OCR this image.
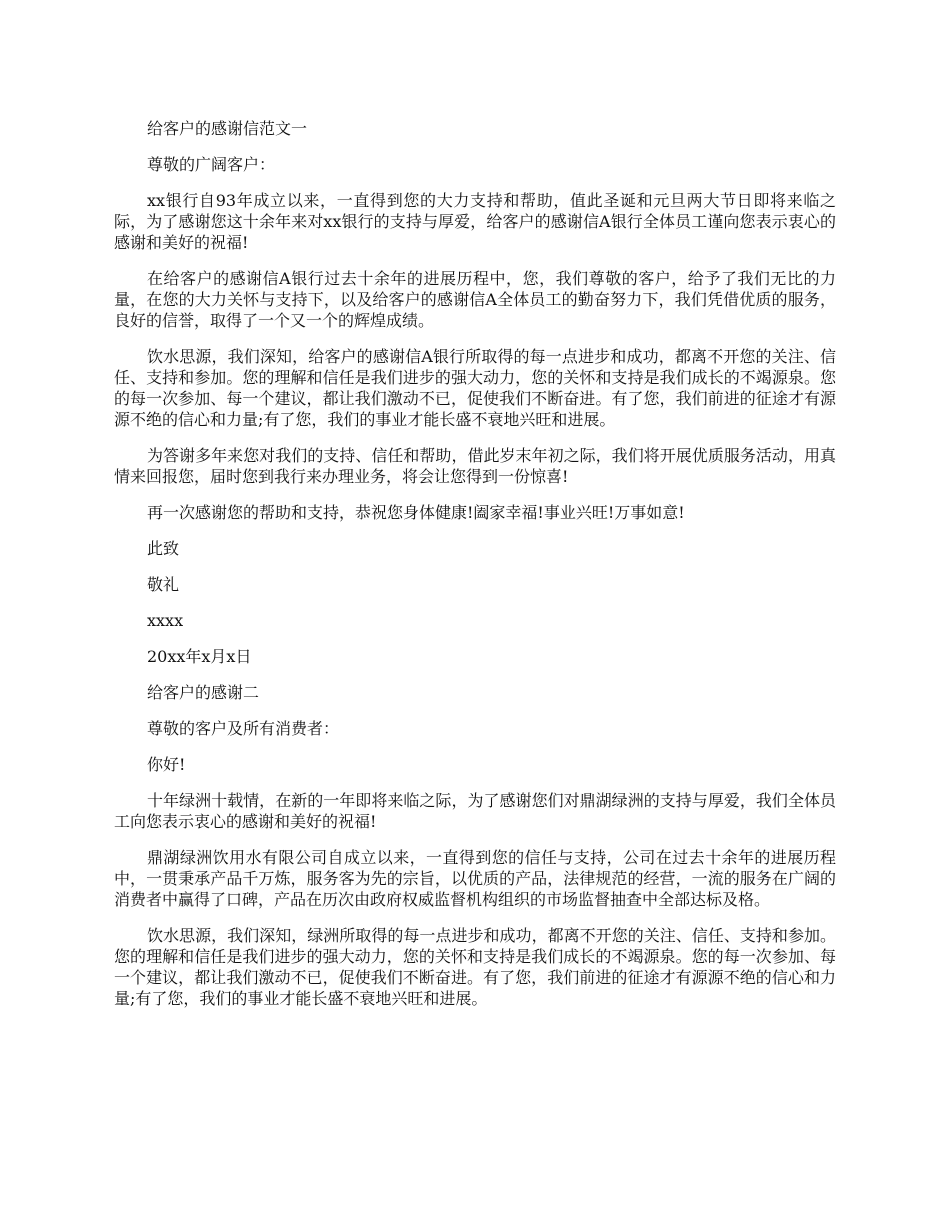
给客户的感谢信范文一

尊敬的广阔客户：

xx银行自93年成立以来，一直得到您的大力支持和帮助，值此圣诞和元旦两大节日即将来临之际，为了感谢您这十余年来对xx银行的支持与厚爱，给客户的感谢信A银行全体员工谨向您表示衷心的感谢和美好的祝福!

在给客户的感谢信A银行过去十余年的进展历程中，您，我们尊敬的客户，给予了我们无比的力量，在您的大力关怀与支持下，以及给客户的感谢信A全体员工的勤奋努力下，我们凭借优质的服务，良好的信誉，取得了一个又一个的辉煌成绩。

饮水思源，我们深知，给客户的感谢信A银行所取得的每一点进步和成功，都离不开您的关注、信任、支持和参加。您的理解和信任是我们进步的强大动力，您的关怀和支持是我们成长的不竭源泉。您的每一次参加、每一个建议，都让我们激动不已，促使我们不断奋进。有了您，我们前进的征途才有源源不绝的信心和力量;有了您，我们的事业才能长盛不衰地兴旺和进展。

为答谢多年来您对我们的支持、信任和帮助，借此岁末年初之际，我们将开展优质服务活动，用真情来回报您，届时您到我行来办理业务，将会让您得到一份惊喜!

再一次感谢您的帮助和支持，恭祝您身体健康!阖家幸福!事业兴旺!万事如意!

此致

敬礼

xxxx

20xx年x月x日

给客户的感谢二

尊敬的客户及所有消费者：

你好!

十年绿洲十载情，在新的一年即将来临之际，为了感谢您们对鼎湖绿洲的支持与厚爱，我们全体员工向您表示衷心的感谢和美好的祝福!

鼎湖绿洲饮用水有限公司自成立以来，一直得到您的信任与支持，公司在过去十余年的进展历程中，一贯秉承产品千万炼，服务客为先的宗旨，以优质的产品，法律规范的经营，一流的服务在广阔的消费者中赢得了口碑，产品在历次由政府权威监督机构组织的市场监督抽查中全部达标及格。

饮水思源，我们深知，绿洲所取得的每一点进步和成功，都离不开您的关注、信任、支持和参加。您的理解和信任是我们进步的强大动力，您的关怀和支持是我们成长的不竭源泉。您的每一次参加、每一个建议，都让我们激动不已，促使我们不断奋进。有了您，我们前进的征途才有源源不绝的信心和力量;有了您，我们的事业才能长盛不衰地兴旺和进展。
